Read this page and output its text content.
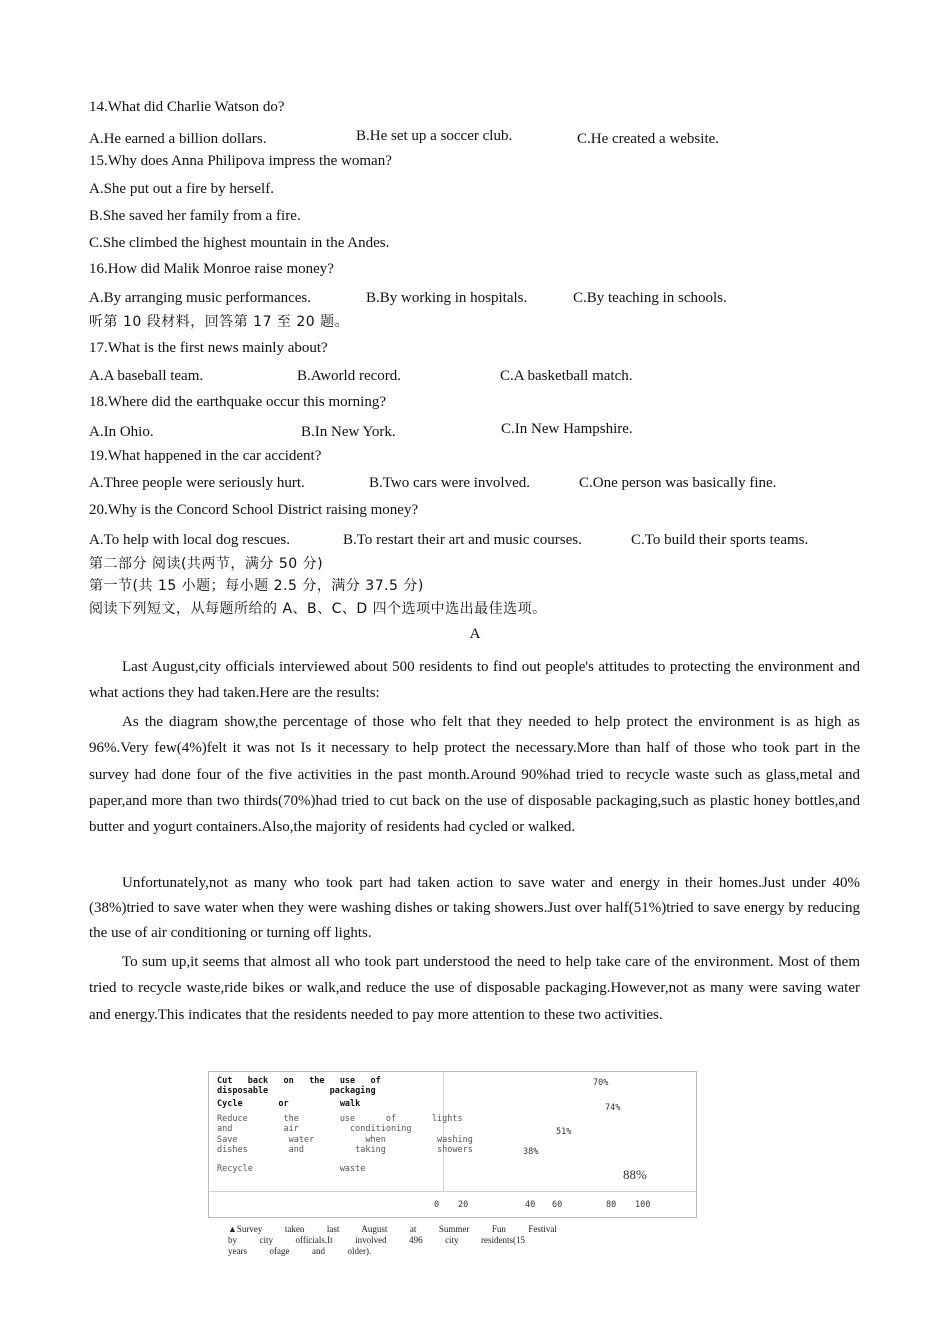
14.What did Charlie Watson do?
A.He earned a billion dollars.	B.He set up a soccer club.	C.He created a website.
15.Why does Anna Philipova impress the woman?
A.She put out a fire by herself.
B.She saved her family from a fire.
C.She climbed the highest mountain in the Andes.
16.How did Malik Monroe raise money?
A.By arranging music performances.	B.By working in hospitals.	C.By teaching in schools.
听第 10 段材料，回答第 17 至 20 题。
17.What is the first news mainly about?
A.A baseball team.	B.Aworld record.	C.A basketball match.
18.Where did the earthquake occur this morning?
A.In Ohio.	B.In New York.	C.In New Hampshire.
19.What happened in the car accident?
A.Three people were seriously hurt.	B.Two cars were involved.	C.One person was basically fine.
20.Why is the Concord School District raising money?
A.To help with local dog rescues.	B.To restart their art and music courses.	C.To build their sports teams.
第二部分 阅读(共两节，满分 50 分)
第一节(共 15 小题；每小题 2.5 分，满分 37.5 分)
阅读下列短文，从每题所给的 A、B、C、D 四个选项中选出最佳选项。
A

Last August,city officials interviewed about 500 residents to find out people's attitudes to protecting the environment and what actions they had taken.Here are the results:

As the diagram show,the percentage of those who felt that they needed to help protect the environment is as high as 96%.Very few(4%)felt it was not Is it necessary to help protect the necessary.More than half of those who took part in the survey had done four of the five activities in the past month.Around 90%had tried to recycle waste such as glass,metal and paper,and more than two thirds(70%)had tried to cut back on the use of disposable packaging,such as plastic honey bottles,and butter and yogurt containers.Also,the majority of residents had cycled or walked.

Unfortunately,not as many who took part had taken action to save water and energy in their homes.Just under 40%(38%)tried to save water when they were washing dishes or taking showers.Just over half(51%)tried to save energy by reducing the use of air conditioning or turning off lights.

To sum up,it seems that almost all who took part understood the need to help take care of the environment. Most of them tried to recycle waste,ride bikes or walk,and reduce the use of disposable packaging.However,not as many were saving water and energy.This indicates that the residents needed to pay more attention to these two activities.

Cut   back   on   the   use   of
disposable            packaging
Cycle       or          walk
Reduce       the        use      of       lights
and          air          conditioning
Save          water          when          washing
dishes        and          taking          showers
Recycle                 waste
70%
74%
51%
38%
88%
0 20	40 60	80 100
▲Survey          taken          last          August          at          Summer          Fun          Festival
by          city          officials.It          involved          496          city          residents(15
years          ofage          and          older).
